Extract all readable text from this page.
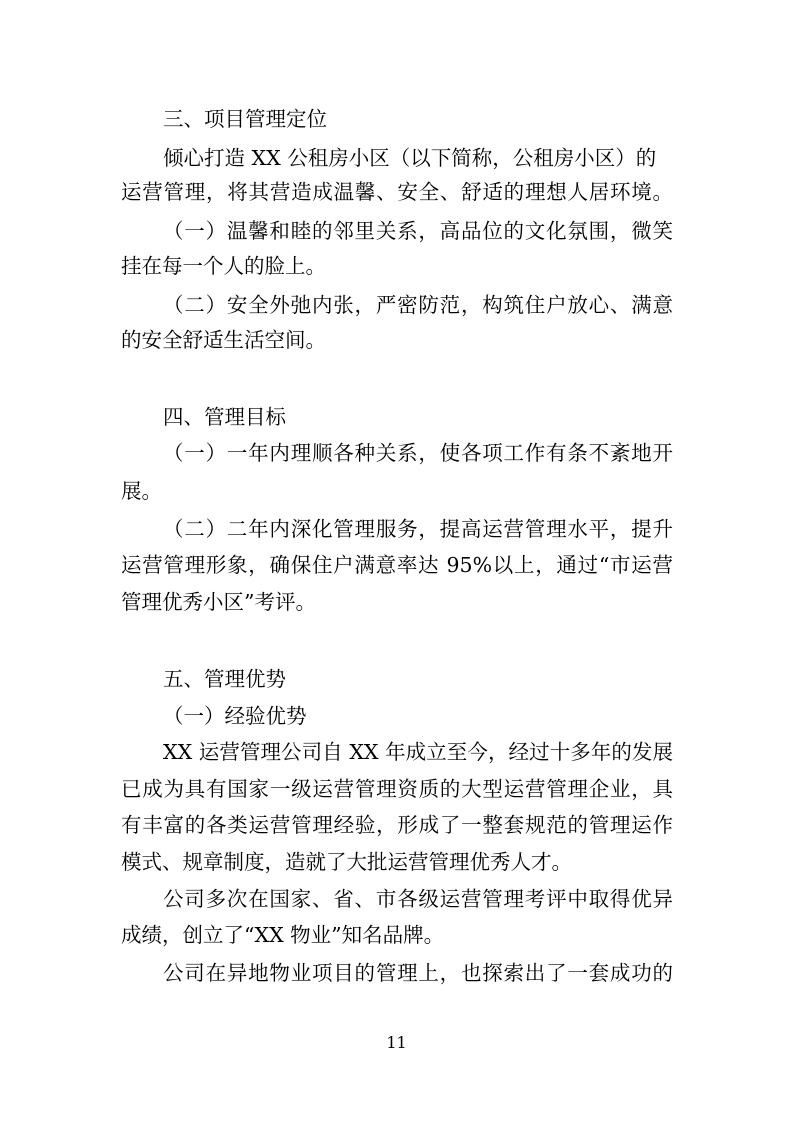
三、项目管理定位
倾心打造 XX 公租房小区（以下简称，公租房小区）的
运营管理，将其营造成温馨、安全、舒适的理想人居环境。
（一）温馨和睦的邻里关系，高品位的文化氛围，微笑
挂在每一个人的脸上。
（二）安全外弛内张，严密防范，构筑住户放心、满意
的安全舒适生活空间。
四、管理目标
（一）一年内理顺各种关系，使各项工作有条不紊地开
展。
（二）二年内深化管理服务，提高运营管理水平，提升
运营管理形象，确保住户满意率达 95%以上，通过“市运营
管理优秀小区”考评。
五、管理优势
（一）经验优势
XX 运营管理公司自 XX 年成立至今，经过十多年的发展
已成为具有国家一级运营管理资质的大型运营管理企业，具
有丰富的各类运营管理经验，形成了一整套规范的管理运作
模式、规章制度，造就了大批运营管理优秀人才。
公司多次在国家、省、市各级运营管理考评中取得优异
成绩，创立了“XX 物业”知名品牌。
公司在异地物业项目的管理上，也探索出了一套成功的
11
